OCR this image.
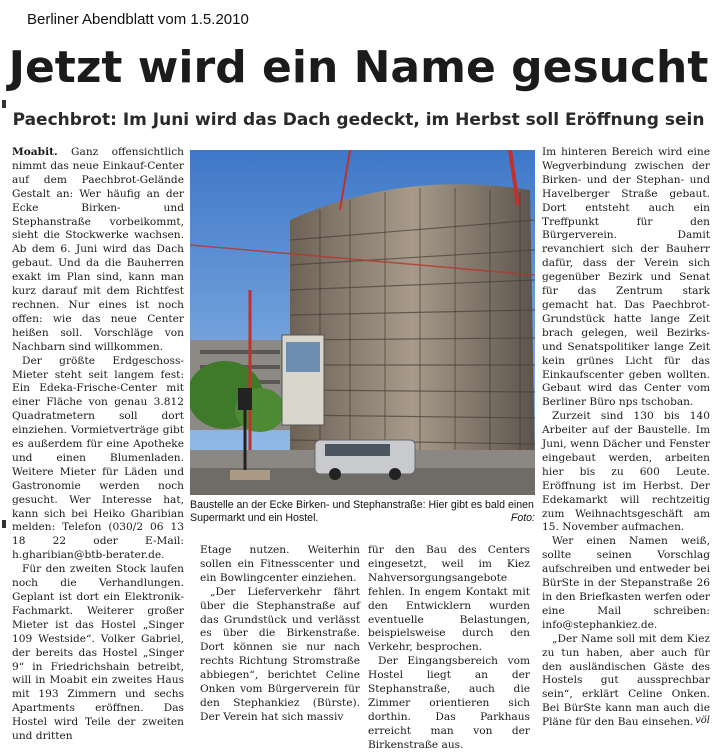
Berliner Abendblatt vom 1.5.2010
Jetzt wird ein Name gesucht
Paechbrot: Im Juni wird das Dach gedeckt, im Herbst soll Eröffnung sein

Moabit. Ganz offensichtlich nimmt das neue Einkauf-Center auf dem Paechbrot-Gelände Gestalt an: Wer häufig an der Ecke Birken- und Stephanstraße vorbeikommt, sieht die Stockwerke wachsen. Ab dem 6. Juni wird das Dach gebaut. Und da die Bauherren exakt im Plan sind, kann man kurz darauf mit dem Richtfest rechnen. Nur eines ist noch offen: wie das neue Center heißen soll. Vorschläge von Nachbarn sind willkommen.

Der größte Erdgeschoss-Mieter steht seit langem fest: Ein Edeka-Frische-Center mit einer Fläche von genau 3.812 Quadratmetern soll dort einziehen. Vormietverträge gibt es außerdem für eine Apotheke und einen Blumenladen. Weitere Mieter für Läden und Gastronomie werden noch gesucht. Wer Interesse hat, kann sich bei Heiko Gharibian melden: Telefon (030/2 06 13 18 22 oder E-Mail: h.gharibian@btb-berater.de.

Für den zweiten Stock laufen noch die Verhandlungen. Geplant ist dort ein Elektronik-Fachmarkt. Weiterer großer Mieter ist das Hostel „Singer 109 Westside“. Volker Gabriel, der bereits das Hostel „Singer 9“ in Friedrichshain betreibt, will in Moabit ein zweites Haus mit 193 Zimmern und sechs Apartments eröffnen. Das Hostel wird Teile der zweiten und dritten

Baustelle an der Ecke Birken- und Stephanstraße: Hier gibt es bald einen Supermarkt und ein Hostel.	Foto:

Etage nutzen. Weiterhin sollen ein Fitnesscenter und ein Bowlingcenter einziehen.

„Der Lieferverkehr fährt über die Stephanstraße auf das Grundstück und verlässt es über die Birkenstraße. Dort können sie nur nach rechts Richtung Stromstraße abbiegen“, berichtet Celine Onken vom Bürgerverein für den Stephankiez (Bürste). Der Verein hat sich massiv

für den Bau des Centers eingesetzt, weil im Kiez Nahversorgungsangebote fehlen. In engem Kontakt mit den Entwicklern wurden eventuelle Belastungen, beispielsweise durch den Verkehr, besprochen.

Der Eingangsbereich vom Hostel liegt an der Stephanstraße, auch die Zimmer orientieren sich dorthin. Das Parkhaus erreicht man von der Birkenstraße aus.

Im hinteren Bereich wird eine Wegverbindung zwischen der Birken- und der Stephan- und Havelberger Straße gebaut. Dort entsteht auch ein Treffpunkt für den Bürgerverein. Damit revanchiert sich der Bauherr dafür, dass der Verein sich gegenüber Bezirk und Senat für das Zentrum stark gemacht hat. Das Paechbrot-Grundstück hatte lange Zeit brach gelegen, weil Bezirks- und Senatspolitiker lange Zeit kein grünes Licht für das Einkaufscenter geben wollten. Gebaut wird das Center vom Berliner Büro nps tschoban.

Zurzeit sind 130 bis 140 Arbeiter auf der Baustelle. Im Juni, wenn Dächer und Fenster eingebaut werden, arbeiten hier bis zu 600 Leute. Eröffnung ist im Herbst. Der Edekamarkt will rechtzeitig zum Weihnachtsgeschäft am 15. November aufmachen.

Wer einen Namen weiß, sollte seinen Vorschlag aufschreiben und entweder bei BürSte in der Stepanstraße 26 in den Briefkasten werfen oder eine Mail schreiben: info@stephankiez.de.

„Der Name soll mit dem Kiez zu tun haben, aber auch für den ausländischen Gäste des Hostels gut aussprechbar sein“, erklärt Celine Onken. Bei BürSte kann man auch die Pläne für den Bau einsehen. völ
